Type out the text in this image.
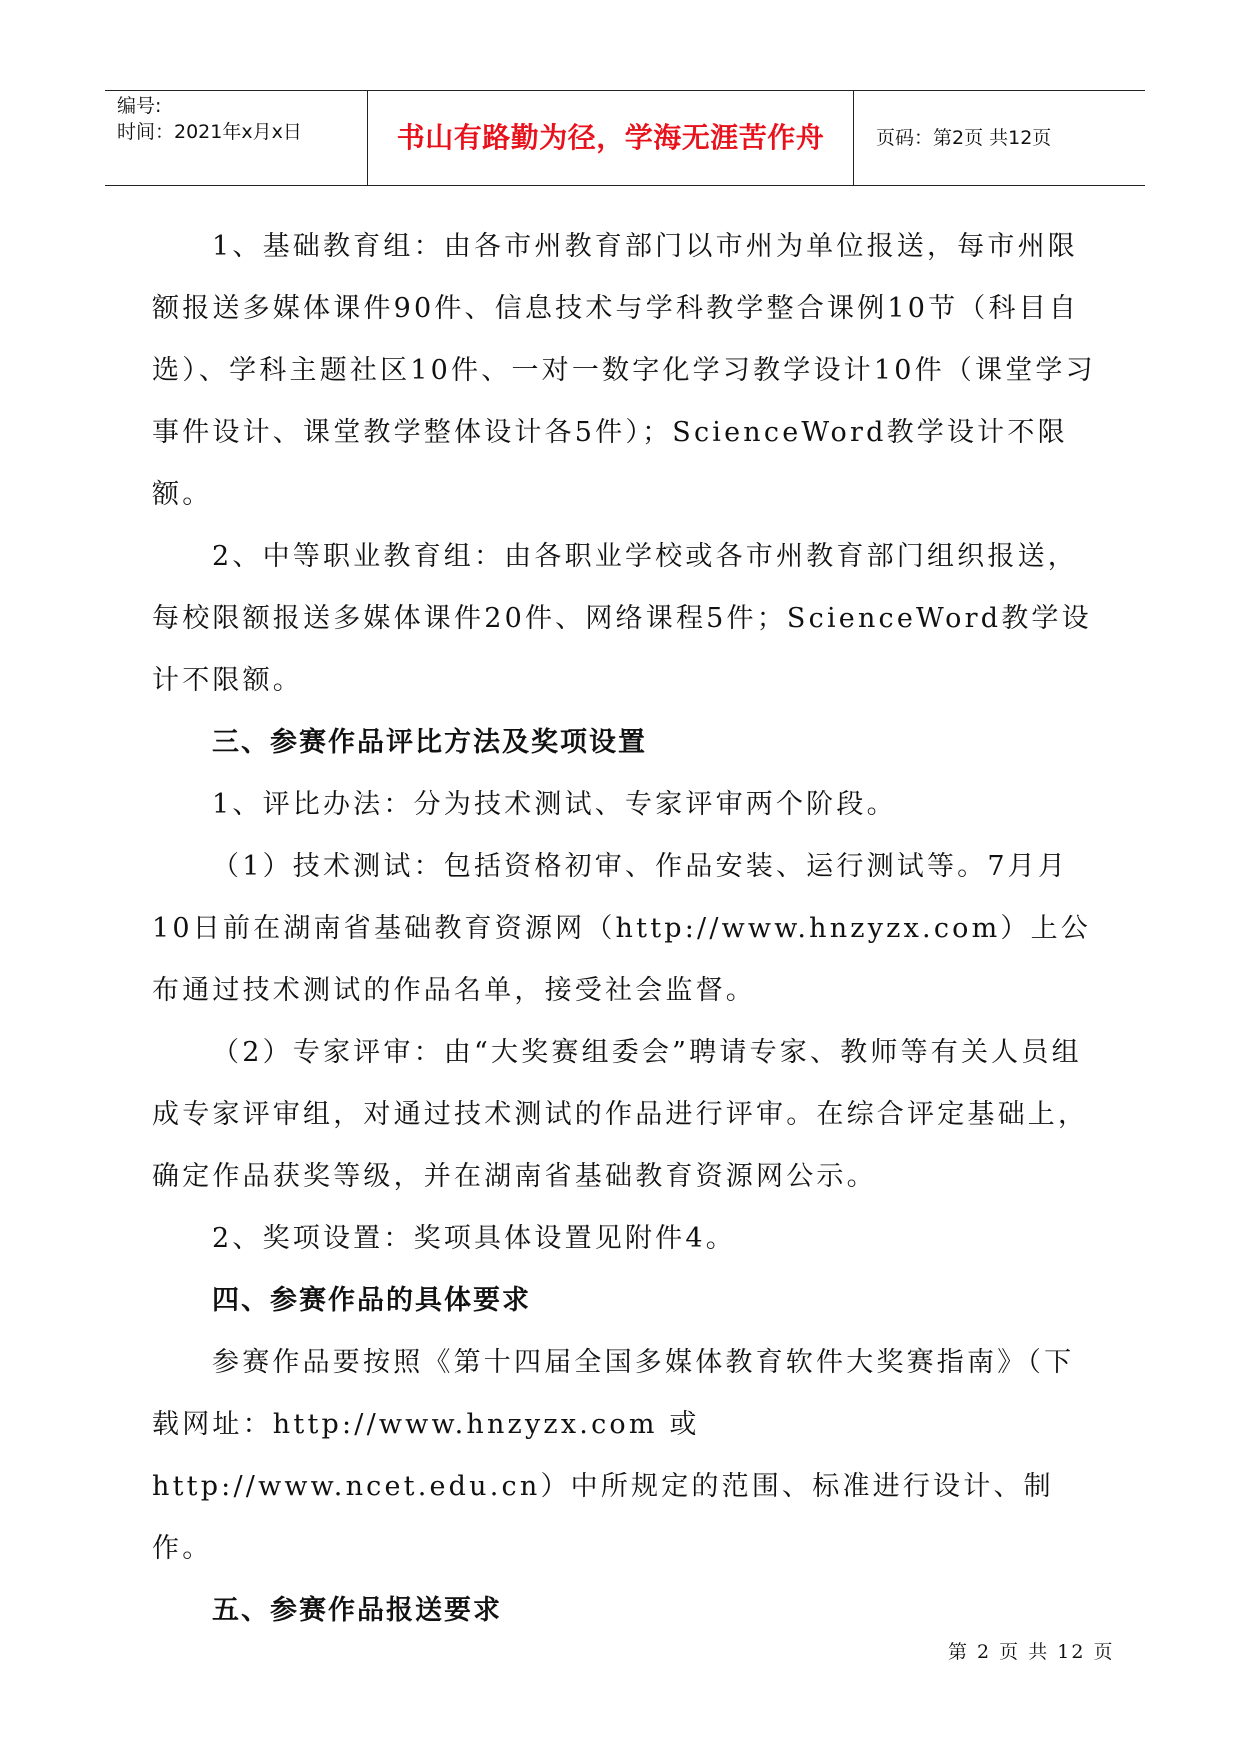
编号:
时间：2021年x月x日	书山有路勤为径，学海无涯苦作舟	页码：第2页 共12页

1、基础教育组：由各市州教育部门以市州为单位报送，每市州限额报送多媒体课件90件、信息技术与学科教学整合课例10节（科目自选）、学科主题社区10件、一对一数字化学习教学设计10件（课堂学习事件设计、课堂教学整体设计各5件）；ScienceWord教学设计不限额。

2、中等职业教育组：由各职业学校或各市州教育部门组织报送，每校限额报送多媒体课件20件、网络课程5件；ScienceWord教学设计不限额。

三、参赛作品评比方法及奖项设置

1、评比办法：分为技术测试、专家评审两个阶段。

（1）技术测试：包括资格初审、作品安装、运行测试等。7月月10日前在湖南省基础教育资源网（http://www.hnzyzx.com）上公布通过技术测试的作品名单，接受社会监督。

（2）专家评审：由“大奖赛组委会”聘请专家、教师等有关人员组成专家评审组，对通过技术测试的作品进行评审。在综合评定基础上，确定作品获奖等级，并在湖南省基础教育资源网公示。

2、奖项设置：奖项具体设置见附件4。

四、参赛作品的具体要求

参赛作品要按照《第十四届全国多媒体教育软件大奖赛指南》（下载网址：http://www.hnzyzx.com 或 http://www.ncet.edu.cn）中所规定的范围、标准进行设计、制作。

五、参赛作品报送要求

第 2 页 共 12 页
